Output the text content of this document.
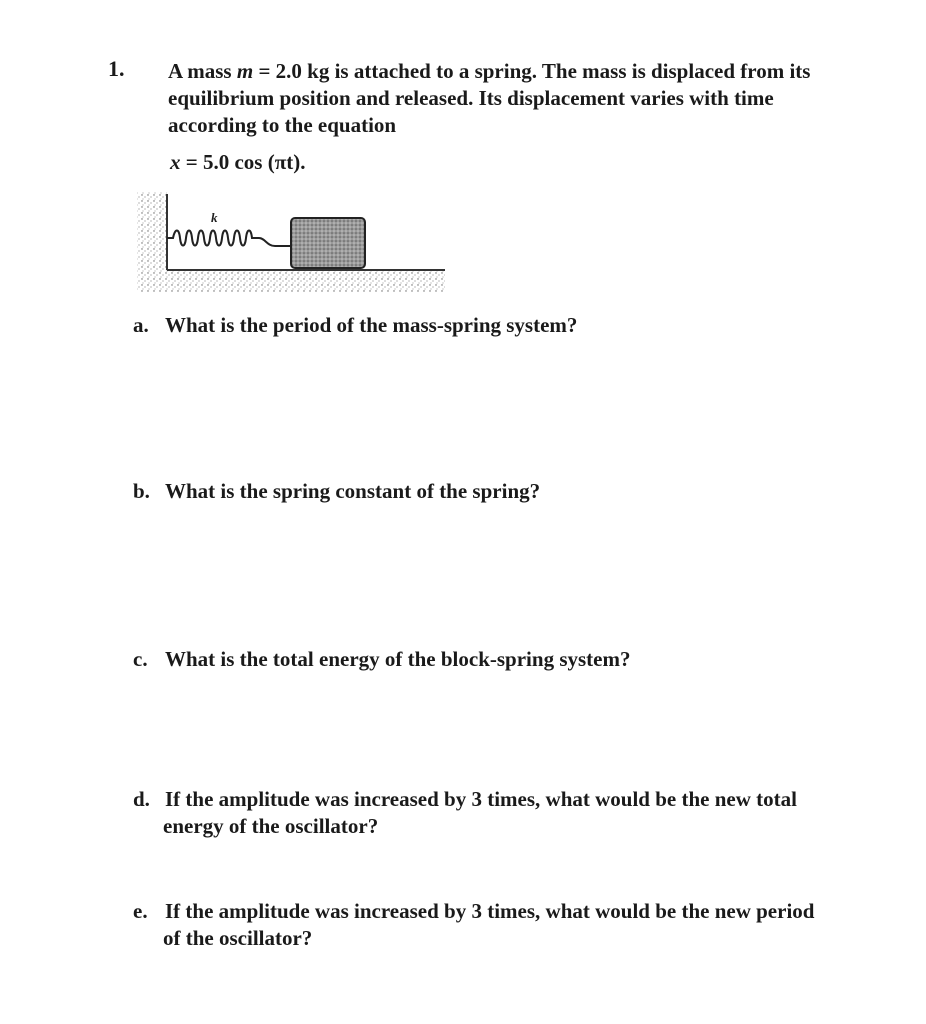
1. A mass m = 2.0 kg is attached to a spring. The mass is displaced from its
equilibrium position and released. Its displacement varies with time
according to the equation
x = 5.0 cos (πt).
k
a. What is the period of the mass-spring system?
b. What is the spring constant of the spring?
c. What is the total energy of the block-spring system?
d. If the amplitude was increased by 3 times, what would be the new total
energy of the oscillator?
e. If the amplitude was increased by 3 times, what would be the new period
of the oscillator?
